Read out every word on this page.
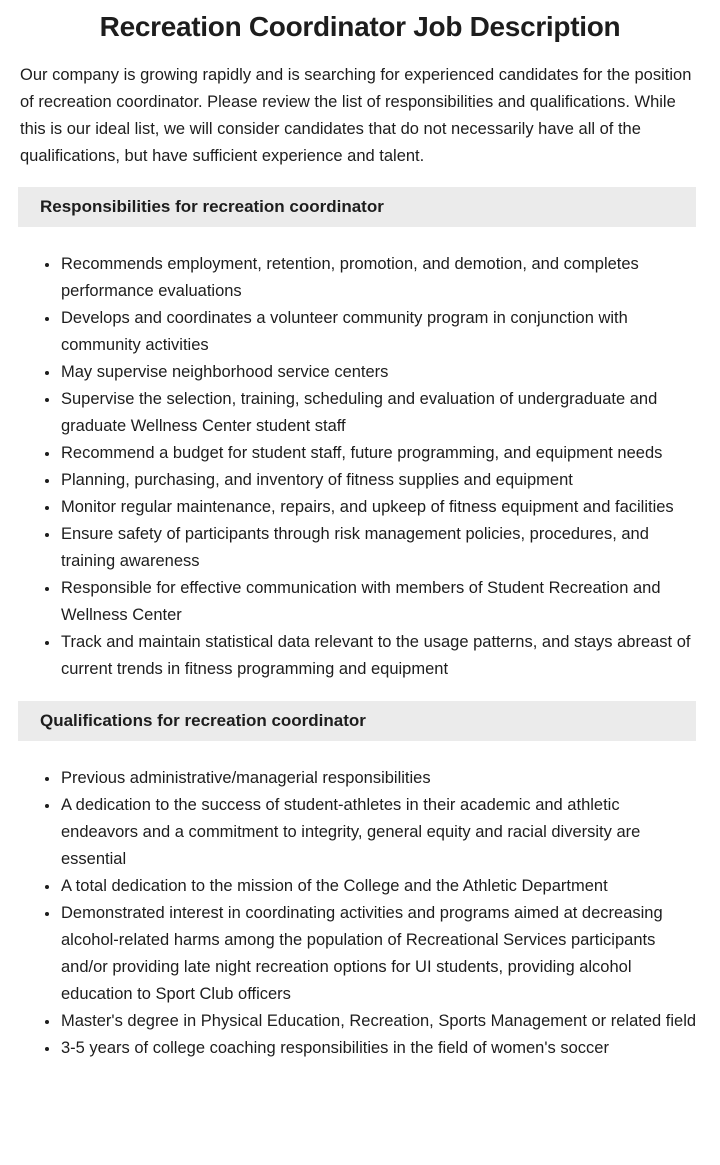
Recreation Coordinator Job Description

Our company is growing rapidly and is searching for experienced candidates for the position of recreation coordinator. Please review the list of responsibilities and qualifications. While this is our ideal list, we will consider candidates that do not necessarily have all of the qualifications, but have sufficient experience and talent.

Responsibilities for recreation coordinator
• Recommends employment, retention, promotion, and demotion, and completes performance evaluations
• Develops and coordinates a volunteer community program in conjunction with community activities
• May supervise neighborhood service centers
• Supervise the selection, training, scheduling and evaluation of undergraduate and graduate Wellness Center student staff
• Recommend a budget for student staff, future programming, and equipment needs
• Planning, purchasing, and inventory of fitness supplies and equipment
• Monitor regular maintenance, repairs, and upkeep of fitness equipment and facilities
• Ensure safety of participants through risk management policies, procedures, and training awareness
• Responsible for effective communication with members of Student Recreation and Wellness Center
• Track and maintain statistical data relevant to the usage patterns, and stays abreast of current trends in fitness programming and equipment
Qualifications for recreation coordinator
• Previous administrative/managerial responsibilities
• A dedication to the success of student-athletes in their academic and athletic endeavors and a commitment to integrity, general equity and racial diversity are essential
• A total dedication to the mission of the College and the Athletic Department
• Demonstrated interest in coordinating activities and programs aimed at decreasing alcohol-related harms among the population of Recreational Services participants and/or providing late night recreation options for UI students, providing alcohol education to Sport Club officers
• Master's degree in Physical Education, Recreation, Sports Management or related field
• 3-5 years of college coaching responsibilities in the field of women's soccer
